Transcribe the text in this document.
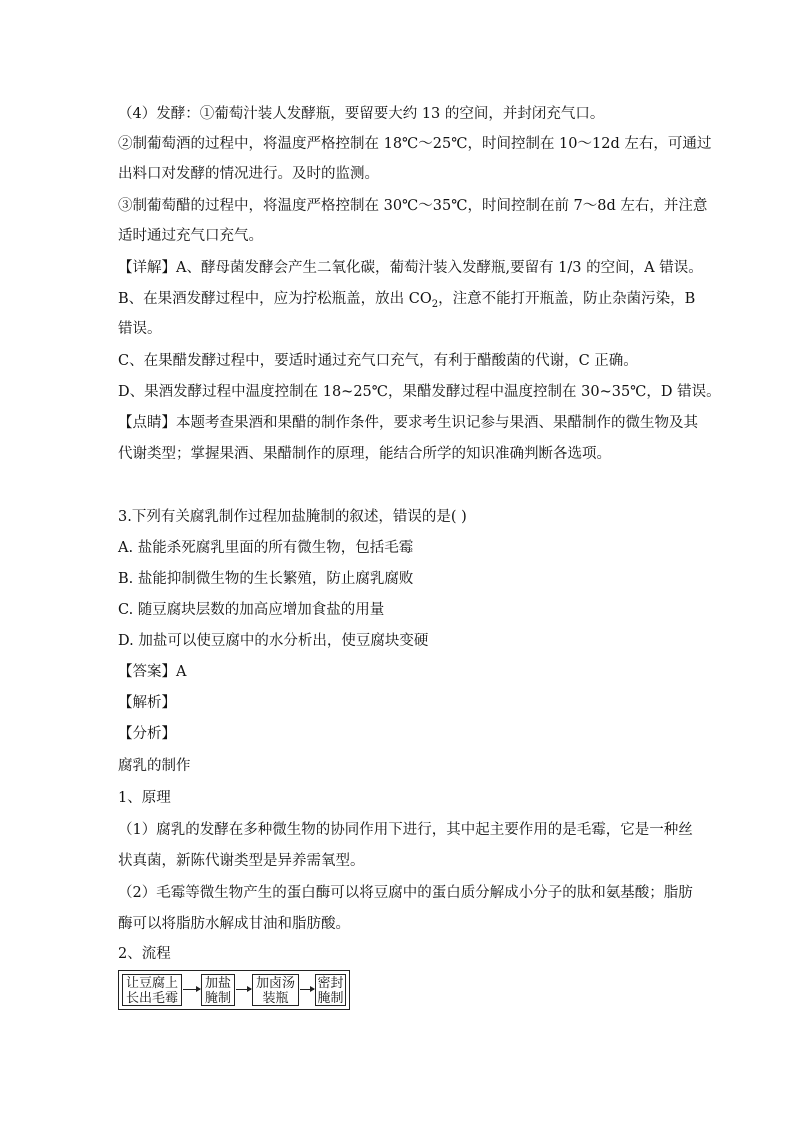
（4）发酵：①葡萄汁装人发酵瓶，要留要大约 13 的空间，并封闭充气口。
②制葡萄酒的过程中，将温度严格控制在 18℃～25℃，时间控制在 10～12d 左右，可通过
出料口对发酵的情况进行。及时的监测。
③制葡萄醋的过程中，将温度严格控制在 30℃～35℃，时间控制在前 7～8d 左右，并注意
适时通过充气口充气。
【详解】A、酵母菌发酵会产生二氧化碳，葡萄汁装入发酵瓶,要留有 1/3 的空间，A 错误。
B、在果酒发酵过程中，应为拧松瓶盖，放出 $CO_2$，注意不能打开瓶盖，防止杂菌污染，B
错误。
C、在果醋发酵过程中，要适时通过充气口充气，有利于醋酸菌的代谢，C 正确。
D、果酒发酵过程中温度控制在 18~25℃，果醋发酵过程中温度控制在 30~35℃，D 错误。
【点睛】本题考查果酒和果醋的制作条件，要求考生识记参与果酒、果醋制作的微生物及其
代谢类型；掌握果酒、果醋制作的原理，能结合所学的知识准确判断各选项。
3.下列有关腐乳制作过程加盐腌制的叙述，错误的是( )
A. 盐能杀死腐乳里面的所有微生物，包括毛霉
B. 盐能抑制微生物的生长繁殖，防止腐乳腐败
C. 随豆腐块层数的加高应增加食盐的用量
D. 加盐可以使豆腐中的水分析出，使豆腐块变硬
【答案】A
【解析】
【分析】
腐乳的制作
1、原理
（1）腐乳的发酵在多种微生物的协同作用下进行，其中起主要作用的是毛霉，它是一种丝
状真菌，新陈代谢类型是异养需氧型。
（2）毛霉等微生物产生的蛋白酶可以将豆腐中的蛋白质分解成小分子的肽和氨基酸；脂肪
酶可以将脂肪水解成甘油和脂肪酸。
2、流程
让豆腐上
长出毛霉
加盐
腌制
加卤汤
装瓶
密封
腌制
